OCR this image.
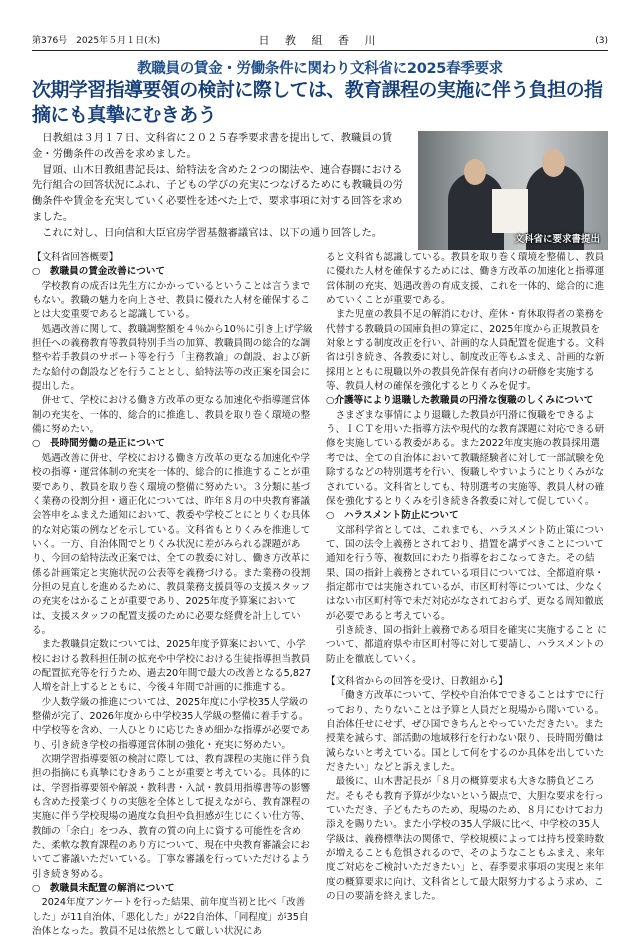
第376号　2025年５月１日(木)	日 教 組 香 川	(3)
教職員の賃金・労働条件に関わり文科省に2025春季要求
次期学習指導要領の検討に際しては、教育課程の実施に伴う負担の指摘にも真摯にむきあう

日教組は３月１７日、文科省に２０２５春季要求書を提出して、教職員の賃金・労働条件の改善を求めました。

冒頭、山木日教組書記長は、給特法を含めた２つの閣法や、連合春闘における先行組合の回答状況にふれ、子どもの学びの充実につなげるためにも教職員の労働条件や賃金を充実していく必要性を述べた上で、要求事項に対する回答を求めました。

これに対し、日向信和大臣官房学習基盤審議官は、以下の通り回答した。

文科省に要求書提出

【文科省回答概要】

○　教職員の賃金改善について

学校教育の成否は先生方にかかっているということは言うまでもない。教職の魅力を向上させ、教員に優れた人材を確保することは大変重要であると認識している。

処遇改善に関して、教職調整額を４％から10％に引き上げ学級担任への義務教育等教員特別手当の加算、教職員間の総合的な調整や若手教員のサポート等を行う「主務教諭」の創設、および新たな給付の創設などを行うこととし、給特法等の改正案を国会に提出した。

併せて、学校における働き方改革の更なる加速化や指導運営体制の充実を、一体的、総合的に推進し、教員を取り巻く環境の整備に努めたい。

○　長時間労働の是正について

処遇改善に併せ、学校における働き方改革の更なる加速化や学校の指導・運営体制の充実を一体的、総合的に推進することが重要であり、教員を取り巻く環境の整備に努めたい。３分類に基づく業務の役割分担・適正化については、昨年８月の中央教育審議会答申をふまえた通知において、教委や学校ごとにとりくむ具体的な対応策の例などを示している。文科省もとりくみを推進していく。一方、自治体間でとりくみ状況に差がみられる課題があり、今回の給特法改正案では、全ての教委に対し、働き方改革に係る計画策定と実施状況の公表等を義務づける。また業務の役割分担の見直しを進めるために、教員業務支援員等の支援スタッフの充実をはかることが重要であり、2025年度予算案においては、支援スタッフの配置支援のために必要な経費を計上している。

また教職員定数については、2025年度予算案において、小学校における教科担任制の拡充や中学校における生徒指導担当教員の配置拡充等を行うため、過去20年間で最大の改善となる5,827人増を計上するとともに、今後４年間で計画的に推進する。

少人数学級の推進については、2025年度に小学校35人学級の整備が完了、2026年度から中学校35人学級の整備に着手する。中学校等を含め、一人ひとりに応じたきめ細かな指導が必要であり、引き続き学校の指導運営体制の強化・充実に努めたい。

次期学習指導要領の検討に際しては、教育課程の実施に伴う負担の指摘にも真摯にむきあうことが重要と考えている。具体的には、学習指導要領や解説・教科書・入試・教員用指導書等の影響も含めた授業づくりの実態を全体として捉えながら、教育課程の実施に伴う学校現場の過度な負担や負担感が生じにくい仕方等、教師の「余白」をつみ、教育の質の向上に資する可能性を含めた、柔軟な教育課程のあり方について、現在中央教育審議会においてご審議いただいている。丁寧な審議を行っていただけるよう引き続き努める。

○　教職員未配置の解消について

2024年度アンケートを行った結果、前年度当初と比べ「改善した」が11自治体、「悪化した」が22自治体、「同程度」が35自治体となった。教員不足は依然として厳しい状況にあ

ると文科省も認識している。教員を取り巻く環境を整備し、教員に優れた人材を確保するためには、働き方改革の加速化と指導運営体制の充実、処遇改善の育成支援、これを一体的、総合的に進めていくことが重要である。

また児童の教員不足の解消にむけ、産休・育休取得者の業務を代替する教職員の国庫負担の算定に、2025年度から正規教員を対象とする制度改正を行い、計画的な人員配置を促進する。文科省は引き続き、各教委に対し、制度改正等もふまえ、計画的な新採用とともに現職以外の教員免許保有者向けの研修を実施する等、教員人材の確保を強化するとりくみを促す。

○介護等により退職した教職員の円滑な復職のしくみについて

さまざまな事情により退職した教員が円滑に復職をできるよう、ＩＣＴを用いた指導方法や現代的な教育課題に対応できる研修を実施している教委がある。また2022年度実施の教員採用選考では、全ての自治体において教職経験者に対して一部試験を免除するなどの特別選考を行い、復職しやすいようにとりくみがなされている。文科省としても、特別選考の実施等、教員人材の確保を強化するとりくみを引き続き各教委に対して促していく。

○　ハラスメント防止について

文部科学省としては、これまでも、ハラスメント防止策について、国の法令上義務とされており、措置を講ずべきことについて通知を行う等、複数回にわたり指導をおこなってきた。その結果、国の指針上義務とされている項目については、全都道府県・指定都市では実施されているが、市区町村等については、少なくはない市区町村等で未だ対応がなされておらず、更なる周知徹底が必要であると考えている。

引き続き、国の指針上義務である項目を確実に実施すること について、都道府県や市区町村等に対して要請し、ハラスメントの防止を徹底していく。

【文科省からの回答を受け、日教組から】

「働き方改革について、学校や自治体でできることはすでに行っており、たりないことは予算と人員だと現場から聞いている。自治体任せにせず、ぜひ国できちんとやっていただきたい。また授業を減らす、部活動の地域移行を行わない限り、長時間労働は減らないと考えている。国として何をするのか具体を出していただきたい」などと訴えました。

最後に、山木書記長が「８月の概算要求も大きな勝負どころだ。そもそも教育予算が少ないという観点で、大胆な要求を行っていただき、子どもたちのため、現場のため、８月にむけてお力添えを賜りたい。また小学校の35人学級に比べ、中学校の35人学級は、義務標準法の関係で、学校規模によっては持ち授業時数が増えることも危惧されるので、そのようなこともふまえ、来年度ご対応をご検討いただきたい」と、春季要求事項の実現と来年度の概算要求に向け、文科省として最大限努力するよう求め、この日の要請を終えました。
